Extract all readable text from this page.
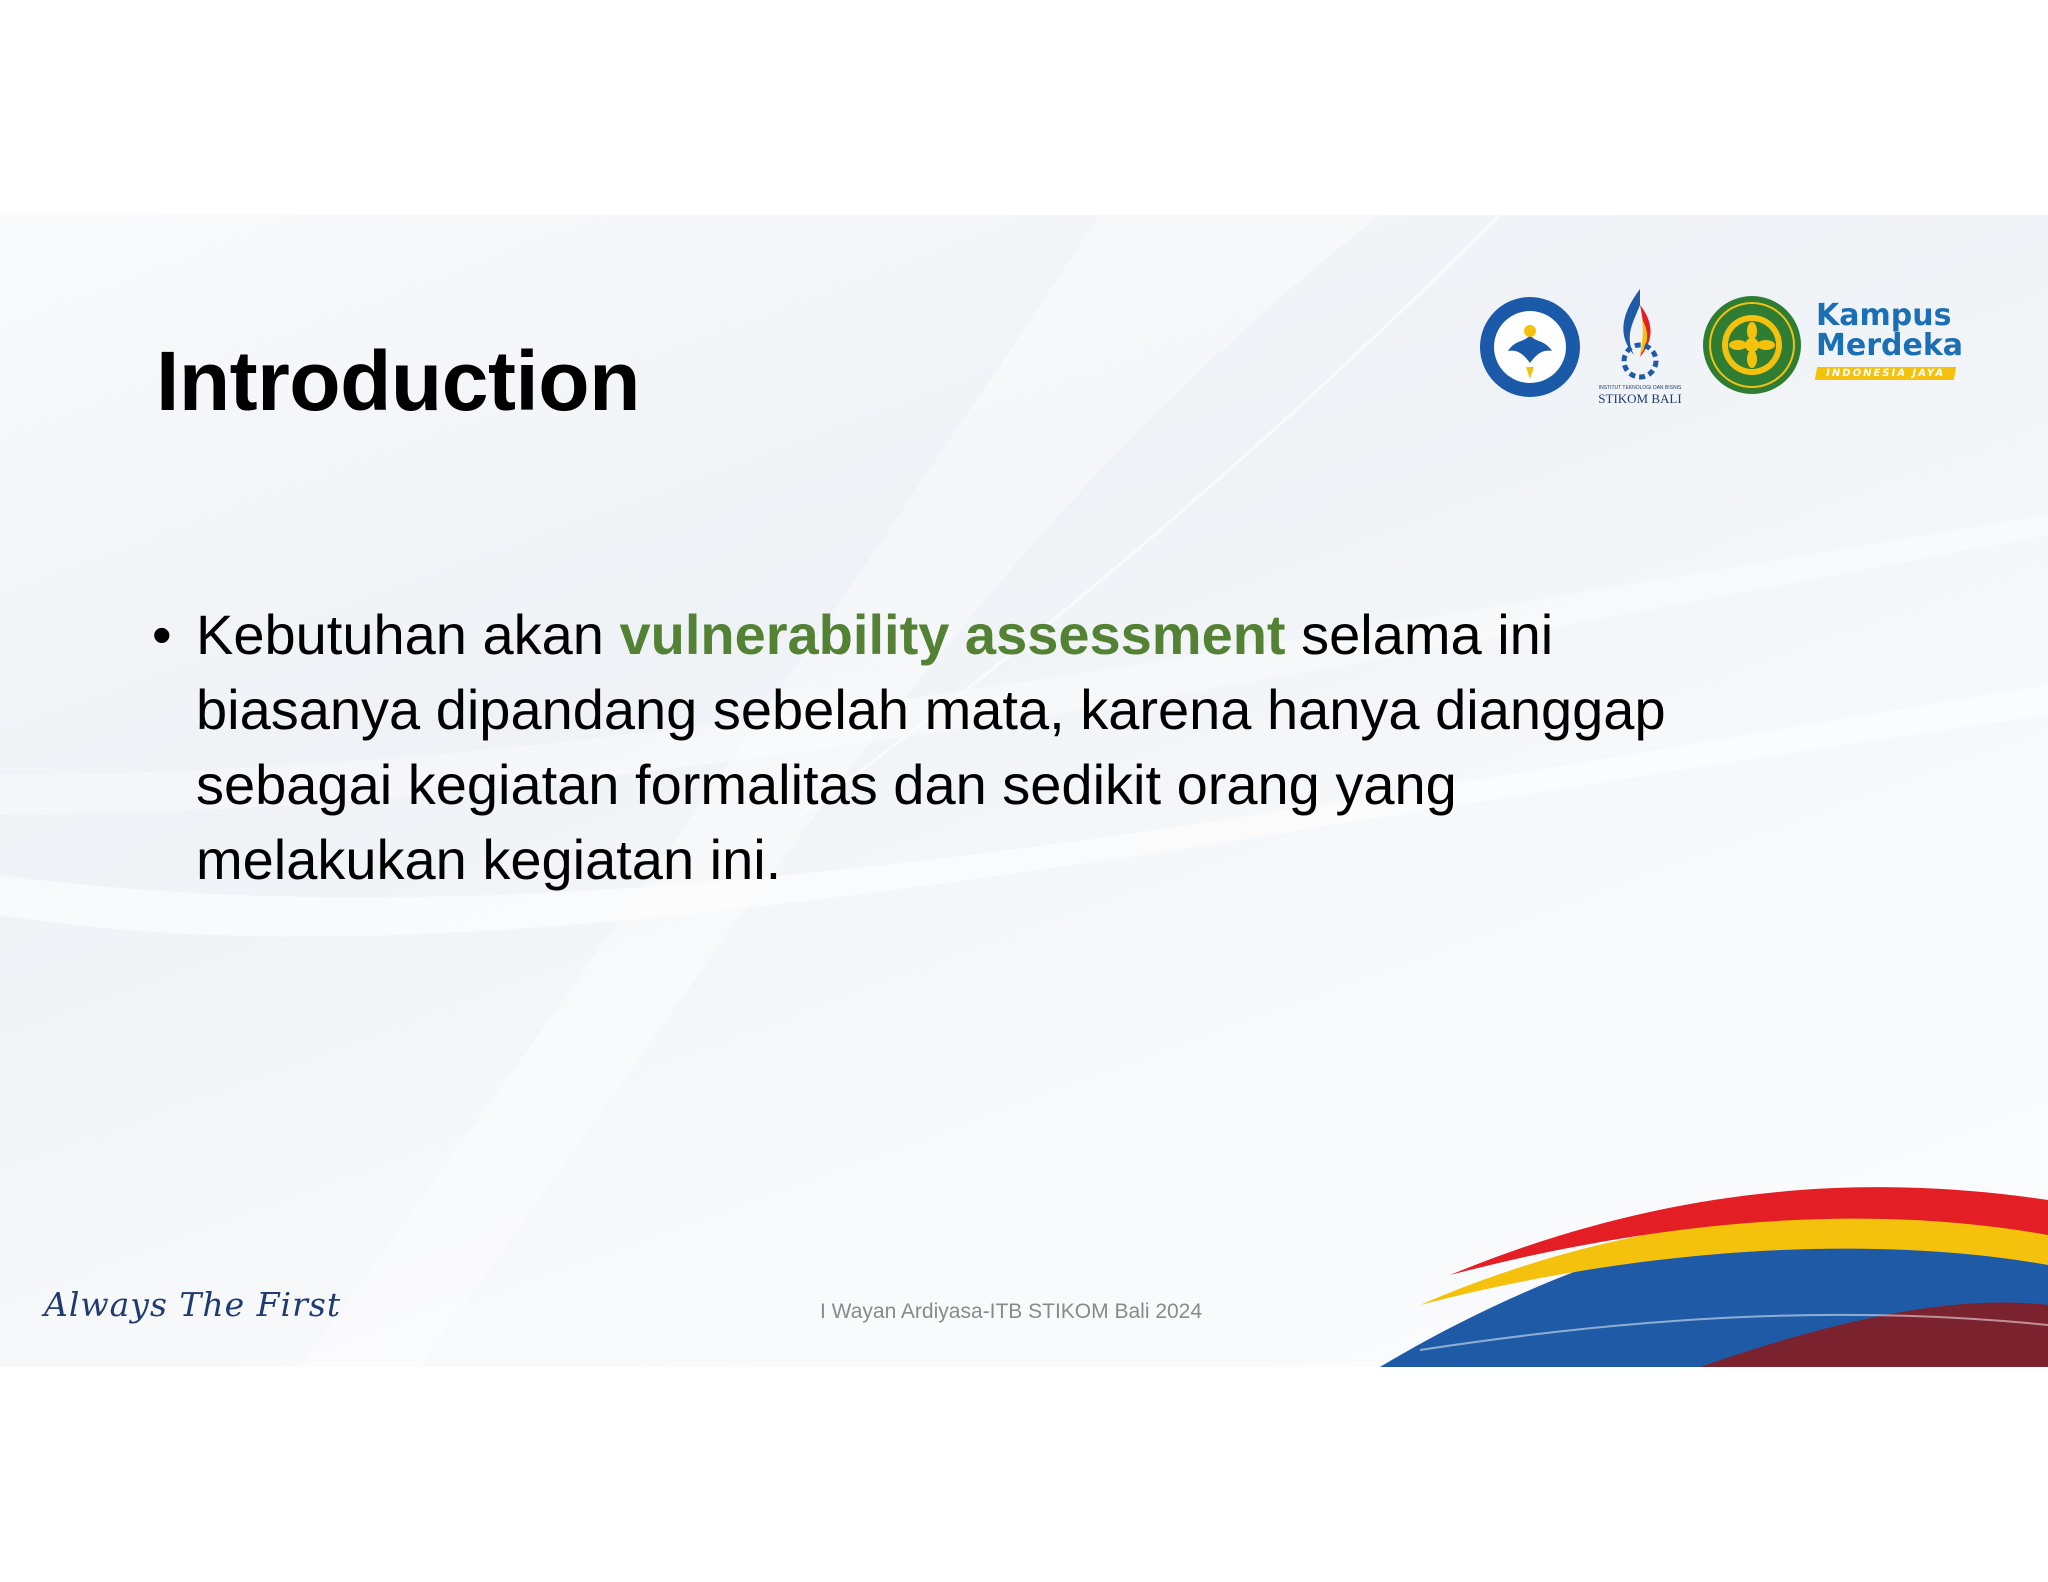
Introduction	INSTITUT TEKNOLOGI DAN BISNIS
STIKOM BALI
Kampus
Merdeka
INDONESIA JAYA
• Kebutuhan akan vulnerability assessment selama ini
biasanya dipandang sebelah mata, karena hanya dianggap
sebagai kegiatan formalitas dan sedikit orang yang
melakukan kegiatan ini.
Always The First	I Wayan Ardiyasa-ITB STIKOM Bali 2024
